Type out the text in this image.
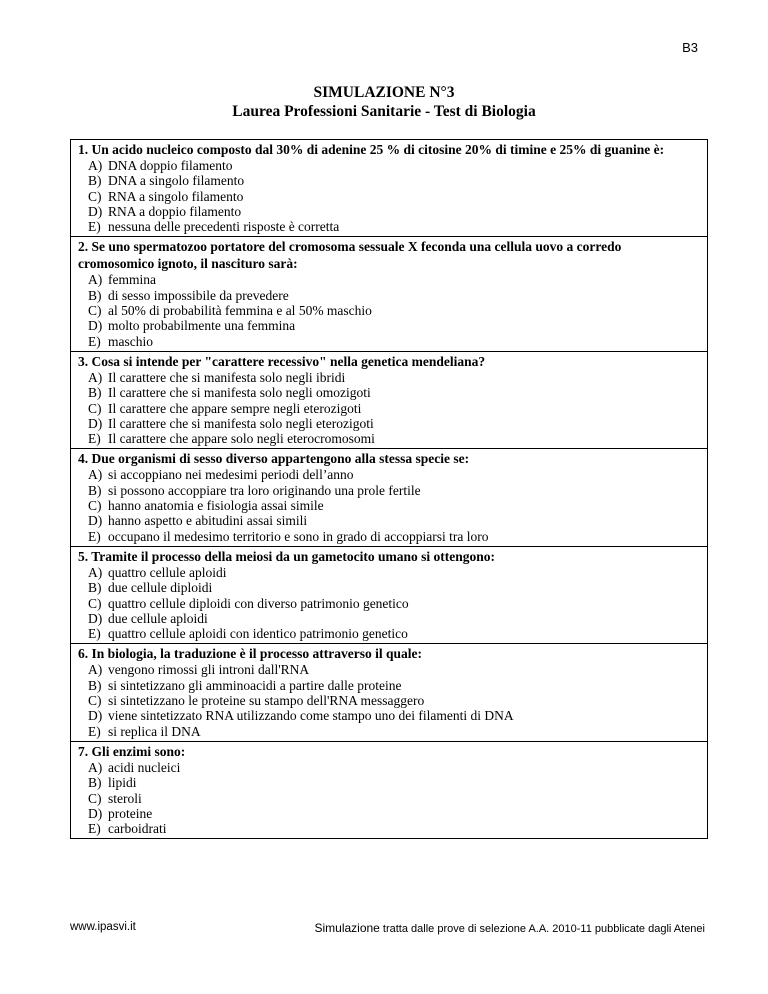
B3
SIMULAZIONE N°3
Laurea Professioni Sanitarie - Test di Biologia
1. Un acido nucleico composto dal 30% di adenine 25 % di citosine 20% di timine e 25% di guanine è:
A) DNA doppio filamento
B) DNA a singolo filamento
C) RNA a singolo filamento
D) RNA a doppio filamento
E) nessuna delle precedenti risposte è corretta
2. Se uno spermatozoo portatore del cromosoma sessuale X feconda una cellula uovo a corredo cromosomico ignoto, il nascituro sarà:
A) femmina
B) di sesso impossibile da prevedere
C) al 50% di probabilità femmina e al 50% maschio
D) molto probabilmente una femmina
E) maschio
3. Cosa si intende per "carattere recessivo" nella genetica mendeliana?
A) Il carattere che si manifesta solo negli ibridi
B) Il carattere che si manifesta solo negli omozigoti
C) Il carattere che appare sempre negli eterozigoti
D) Il carattere che si manifesta solo negli eterozigoti
E) Il carattere che appare solo negli eterocromosomi
4. Due organismi di sesso diverso appartengono alla stessa specie se:
A) si accoppiano nei medesimi periodi dell’anno
B) si possono accoppiare tra loro originando una prole fertile
C) hanno anatomia e fisiologia assai simile
D) hanno aspetto e abitudini assai simili
E) occupano il medesimo territorio e sono in grado di accoppiarsi tra loro
5. Tramite il processo della meiosi da un gametocito umano si ottengono:
A) quattro cellule aploidi
B) due cellule diploidi
C) quattro cellule diploidi con diverso patrimonio genetico
D) due cellule aploidi
E) quattro cellule aploidi con identico patrimonio genetico
6. In biologia, la traduzione è il processo attraverso il quale:
A) vengono rimossi gli introni dall'RNA
B) si sintetizzano gli amminoacidi a partire dalle proteine
C) si sintetizzano le proteine su stampo dell'RNA messaggero
D) viene sintetizzato RNA utilizzando come stampo uno dei filamenti di DNA
E) si replica il DNA
7. Gli enzimi sono:
A) acidi nucleici
B) lipidi
C) steroli
D) proteine
E) carboidrati
www.ipasvi.it	Simulazione tratta dalle prove di selezione A.A. 2010-11 pubblicate dagli Atenei
